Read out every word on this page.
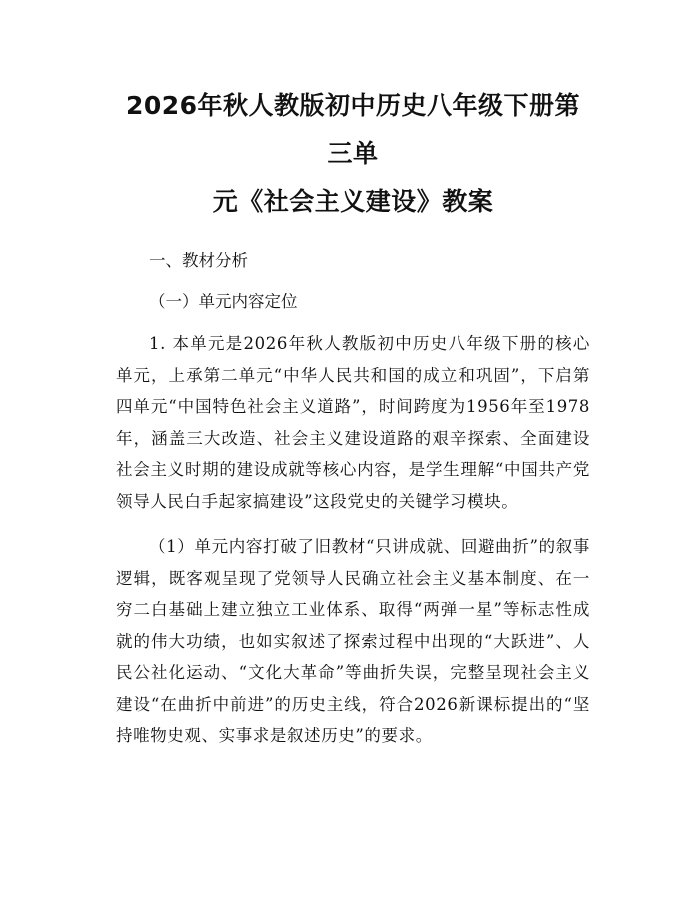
2026年秋人教版初中历史八年级下册第三单
元《社会主义建设》教案

一、教材分析

（一）单元内容定位

1. 本单元是2026年秋人教版初中历史八年级下册的核心单元，上承第二单元“中华人民共和国的成立和巩固”，下启第四单元“中国特色社会主义道路”，时间跨度为1956年至1978年，涵盖三大改造、社会主义建设道路的艰辛探索、全面建设社会主义时期的建设成就等核心内容，是学生理解“中国共产党领导人民白手起家搞建设”这段党史的关键学习模块。

（1）单元内容打破了旧教材“只讲成就、回避曲折”的叙事逻辑，既客观呈现了党领导人民确立社会主义基本制度、在一穷二白基础上建立独立工业体系、取得“两弹一星”等标志性成就的伟大功绩，也如实叙述了探索过程中出现的“大跃进”、人民公社化运动、“文化大革命”等曲折失误，完整呈现社会主义建设“在曲折中前进”的历史主线，符合2026新课标提出的“坚持唯物史观、实事求是叙述历史”的要求。
